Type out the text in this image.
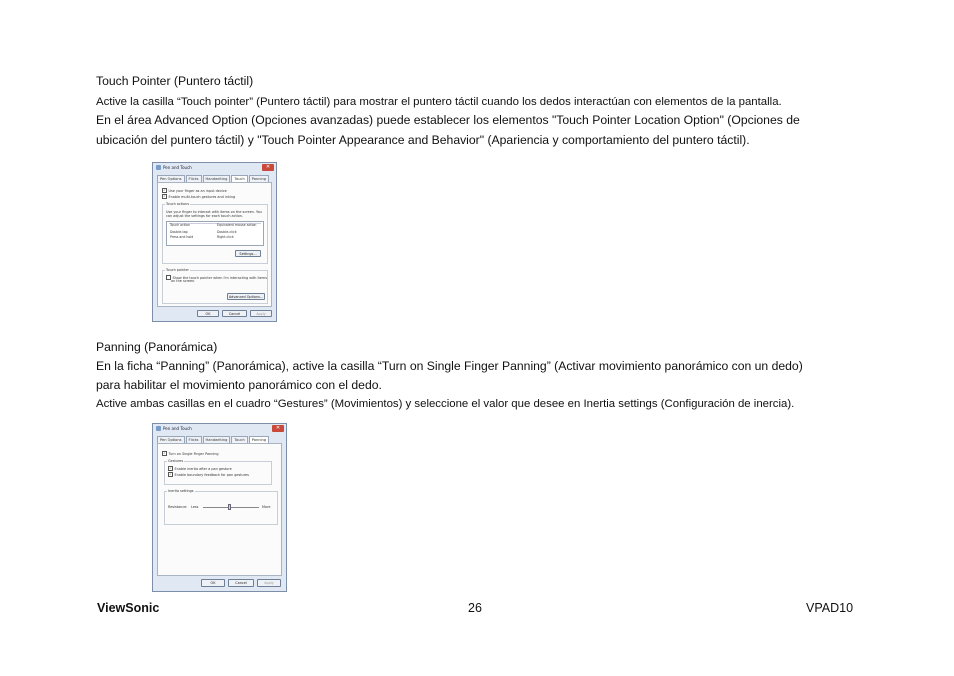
Touch Pointer (Puntero táctil)
Active la casilla “Touch pointer” (Puntero táctil) para mostrar el puntero táctil cuando los dedos interactúan con elementos de la pantalla.
En el área Advanced Option (Opciones avanzadas) puede establecer los elementos "Touch Pointer Location Option" (Opciones de
ubicación del puntero táctil) y "Touch Pointer Appearance and Behavior" (Apariencia y comportamiento del puntero táctil).
Pen and Touch	✕
Pen Options	Flicks	Handwriting	Touch	Panning
✓ Use your finger as an input device
✓ Enable multi-touch gestures and inking
Touch actions
Use your finger to interact with items on the screen. You
can adjust the settings for each touch action.
Touch action	Equivalent mouse action
Double-tap	Double-click
Press and hold	Right-click
Settings...
Touch pointer
Show the touch pointer when I'm interacting with items
on the screen.
Advanced Options...
OK	Cancel	Apply
Panning (Panorámica)
En la ficha “Panning” (Panorámica), active la casilla “Turn on Single Finger Panning” (Activar movimiento panorámico con un dedo)
para habilitar el movimiento panorámico con el dedo.
Active ambas casillas en el cuadro “Gestures” (Movimientos) y seleccione el valor que desee en Inertia settings (Configuración de inercia).
Pen and Touch	✕
Pen Options	Flicks	Handwriting	Touch	Panning
✓ Turn on Single Finger Panning
Gestures
✓ Enable inertia after a pan gesture
✓ Enable boundary feedback for pan gestures
Inertia settings
Resistance: Less	More
OK	Cancel	Apply
ViewSonic	26	VPAD10
